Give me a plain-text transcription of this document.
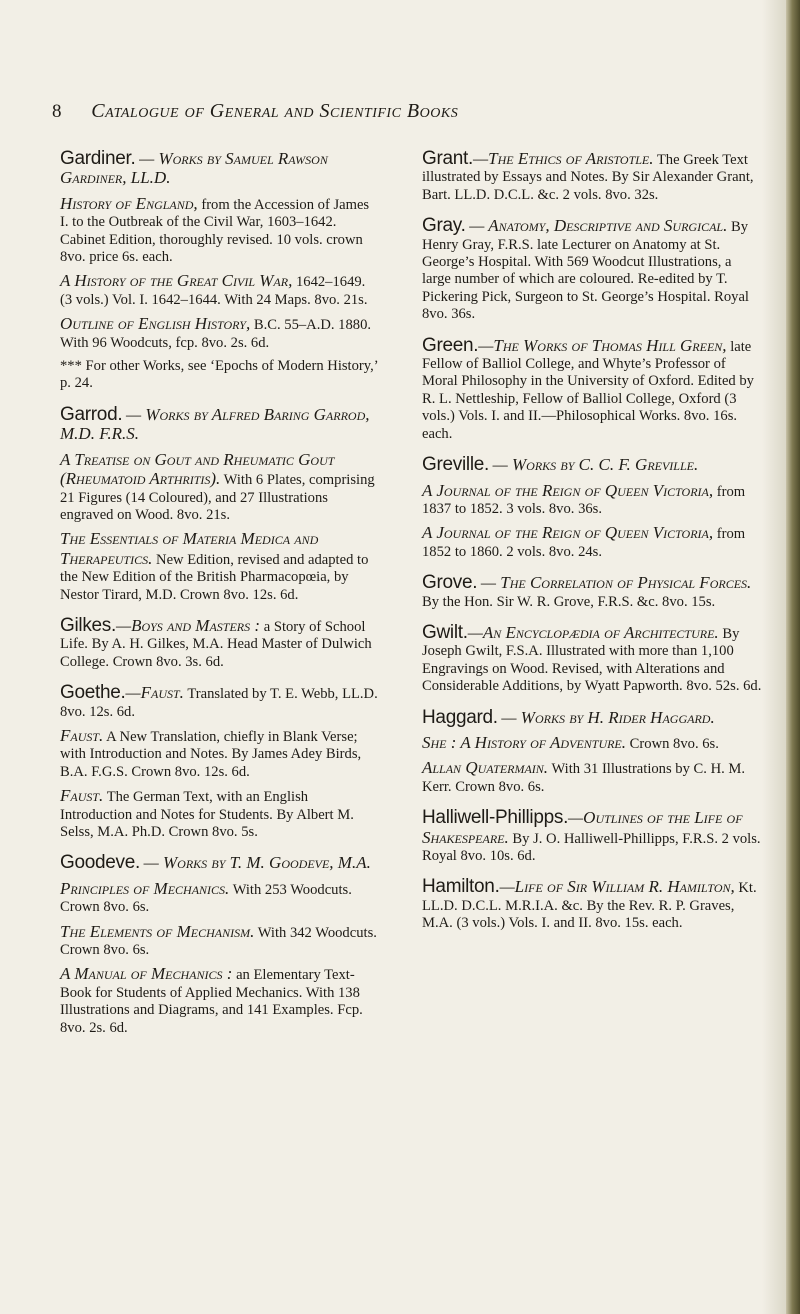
8 Catalogue of General and Scientific Books

Gardiner. — Works by Samuel Rawson Gardiner, LL.D.

History of England, from the Accession of James I. to the Outbreak of the Civil War, 1603–1642. Cabinet Edition, thoroughly revised. 10 vols. crown 8vo. price 6s. each.

A History of the Great Civil War, 1642–1649. (3 vols.) Vol. I. 1642–1644. With 24 Maps. 8vo. 21s.

Outline of English History, B.C. 55–A.D. 1880. With 96 Woodcuts, fcp. 8vo. 2s. 6d.

*** For other Works, see ‘Epochs of Modern History,’ p. 24.

Garrod. — Works by Alfred Baring Garrod, M.D. F.R.S.

A Treatise on Gout and Rheumatic Gout (Rheumatoid Arthritis). With 6 Plates, comprising 21 Figures (14 Coloured), and 27 Illustrations engraved on Wood. 8vo. 21s.

The Essentials of Materia Medica and Therapeutics. New Edition, revised and adapted to the New Edition of the British Pharmacopœia, by Nestor Tirard, M.D. Crown 8vo. 12s. 6d.

Gilkes.—Boys and Masters : a Story of School Life. By A. H. Gilkes, M.A. Head Master of Dulwich College. Crown 8vo. 3s. 6d.

Goethe.—Faust. Translated by T. E. Webb, LL.D. 8vo. 12s. 6d.

Faust. A New Translation, chiefly in Blank Verse; with Introduction and Notes. By James Adey Birds, B.A. F.G.S. Crown 8vo. 12s. 6d.

Faust. The German Text, with an English Introduction and Notes for Students. By Albert M. Selss, M.A. Ph.D. Crown 8vo. 5s.

Goodeve. — Works by T. M. Goodeve, M.A.

Principles of Mechanics. With 253 Woodcuts. Crown 8vo. 6s.

The Elements of Mechanism. With 342 Woodcuts. Crown 8vo. 6s.

A Manual of Mechanics : an Elementary Text-Book for Students of Applied Mechanics. With 138 Illustrations and Diagrams, and 141 Examples. Fcp. 8vo. 2s. 6d.

Grant.—The Ethics of Aristotle. The Greek Text illustrated by Essays and Notes. By Sir Alexander Grant, Bart. LL.D. D.C.L. &c. 2 vols. 8vo. 32s.

Gray. — Anatomy, Descriptive and Surgical. By Henry Gray, F.R.S. late Lecturer on Anatomy at St. George’s Hospital. With 569 Woodcut Illustrations, a large number of which are coloured. Re-edited by T. Pickering Pick, Surgeon to St. George’s Hospital. Royal 8vo. 36s.

Green.—The Works of Thomas Hill Green, late Fellow of Balliol College, and Whyte’s Professor of Moral Philosophy in the University of Oxford. Edited by R. L. Nettleship, Fellow of Balliol College, Oxford (3 vols.) Vols. I. and II.—Philosophical Works. 8vo. 16s. each.

Greville. — Works by C. C. F. Greville.

A Journal of the Reign of Queen Victoria, from 1837 to 1852. 3 vols. 8vo. 36s.

A Journal of the Reign of Queen Victoria, from 1852 to 1860. 2 vols. 8vo. 24s.

Grove. — The Correlation of Physical Forces. By the Hon. Sir W. R. Grove, F.R.S. &c. 8vo. 15s.

Gwilt.—An Encyclopædia of Architecture. By Joseph Gwilt, F.S.A. Illustrated with more than 1,100 Engravings on Wood. Revised, with Alterations and Considerable Additions, by Wyatt Papworth. 8vo. 52s. 6d.

Haggard. — Works by H. Rider Haggard.

She : A History of Adventure. Crown 8vo. 6s.

Allan Quatermain. With 31 Illustrations by C. H. M. Kerr. Crown 8vo. 6s.

Halliwell-Phillipps.—Outlines of the Life of Shakespeare. By J. O. Halliwell-Phillipps, F.R.S. 2 vols. Royal 8vo. 10s. 6d.

Hamilton.—Life of Sir William R. Hamilton, Kt. LL.D. D.C.L. M.R.I.A. &c. By the Rev. R. P. Graves, M.A. (3 vols.) Vols. I. and II. 8vo. 15s. each.
